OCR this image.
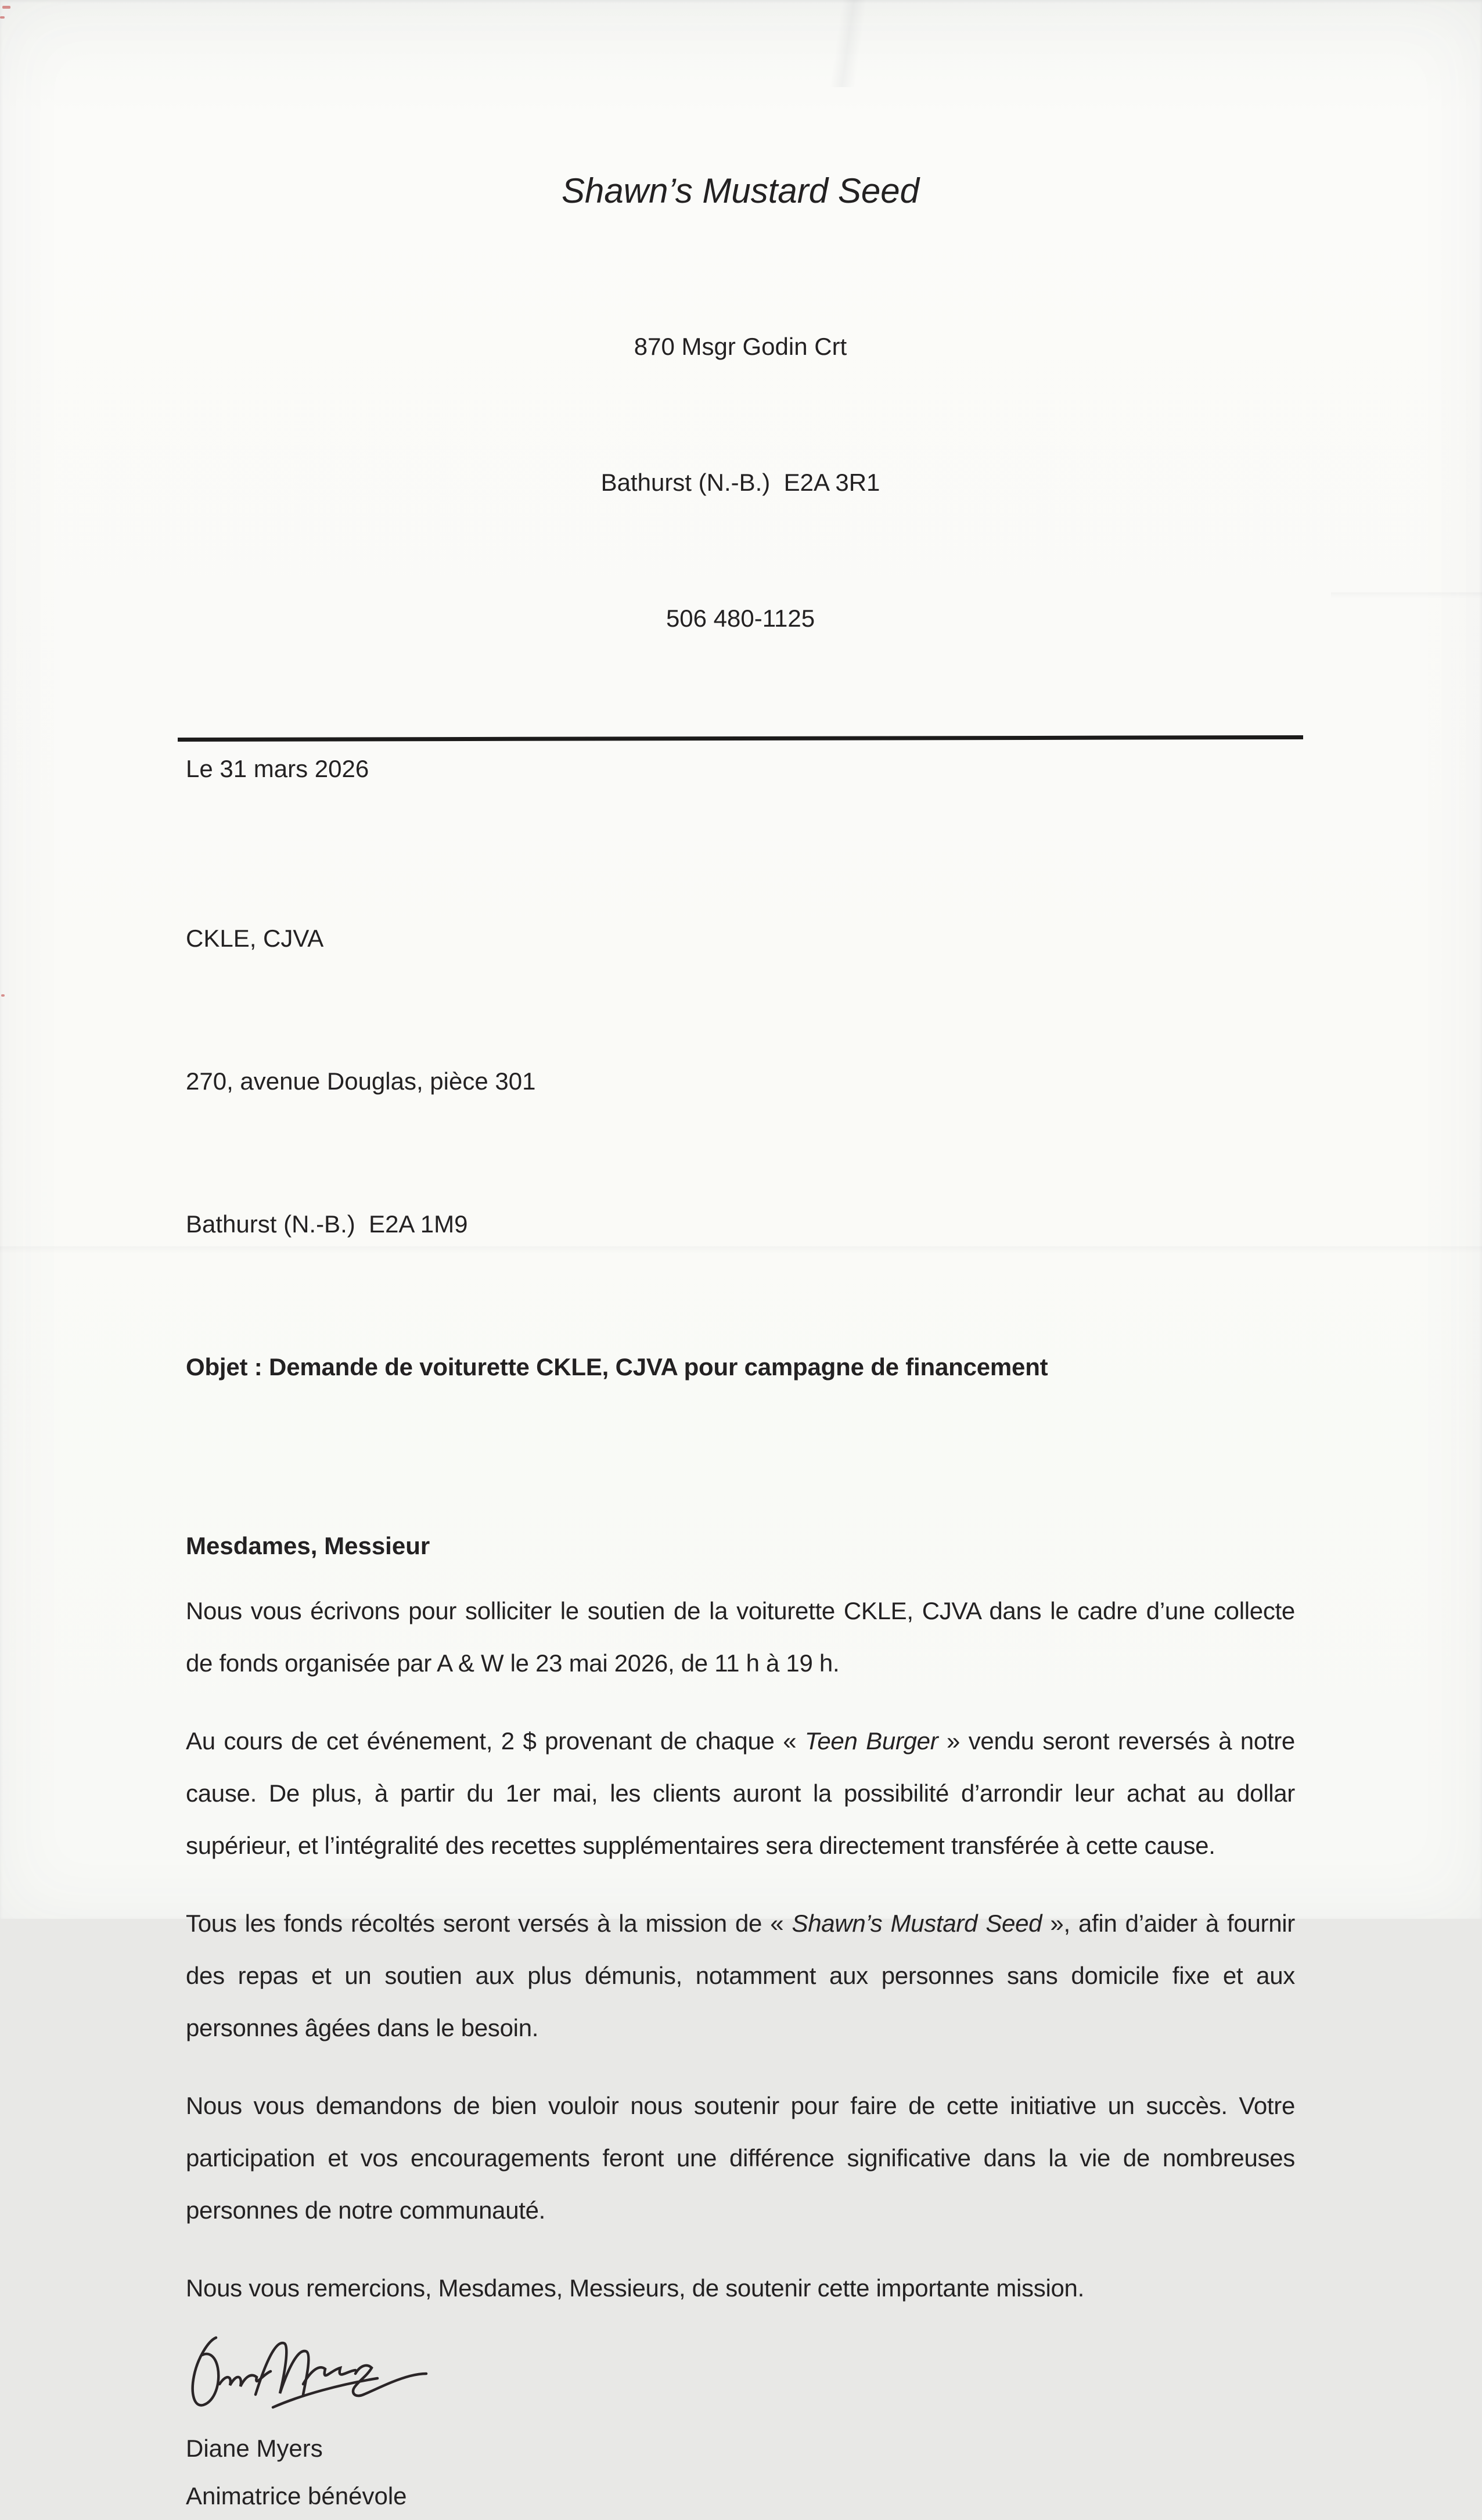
Shawn’s Mustard Seed

870 Msgr Godin Crt

Bathurst (N.-B.)  E2A 3R1

506 480-1125

Le 31 mars 2026

CKLE, CJVA

270, avenue Douglas, pièce 301

Bathurst (N.-B.)  E2A 1M9

Objet : Demande de voiturette CKLE, CJVA pour campagne de financement

Mesdames, Messieur

Nous vous écrivons pour solliciter le soutien de la voiturette CKLE, CJVA dans le cadre d’une collecte de fonds organisée par A & W le 23 mai 2026, de 11 h à 19 h.

Au cours de cet événement, 2 $ provenant de chaque « Teen Burger » vendu seront reversés à notre cause. De plus, à partir du 1er mai, les clients auront la possibilité d’arrondir leur achat au dollar supérieur, et l’intégralité des recettes supplémentaires sera directement transférée à cette cause.

Tous les fonds récoltés seront versés à la mission de « Shawn’s Mustard Seed », afin d’aider à fournir des repas et un soutien aux plus démunis, notamment aux personnes sans domicile fixe et aux personnes âgées dans le besoin.

Nous vous demandons de bien vouloir nous soutenir pour faire de cette initiative un succès. Votre participation et vos encouragements feront une différence significative dans la vie de nombreuses personnes de notre communauté.

Nous vous remercions, Mesdames, Messieurs, de soutenir cette importante mission.

Diane Myers
Animatrice bénévole
